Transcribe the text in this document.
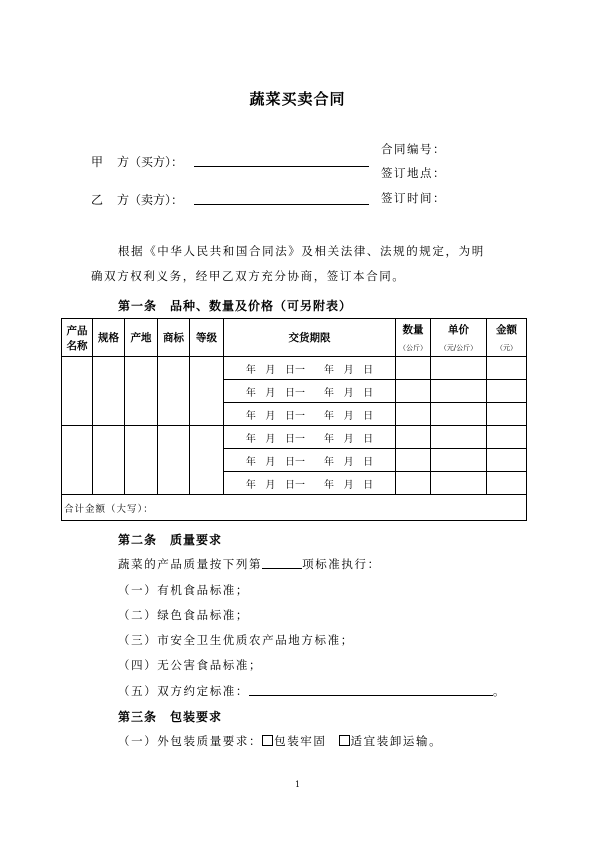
蔬菜买卖合同
甲 方（买方）：
乙 方（卖方）：
合同编号：
签订地点：
签订时间：
根据《中华人民共和国合同法》及相关法律、法规的规定，为明
确双方权利义务，经甲乙双方充分协商，签订本合同。
第一条　品种、数量及价格（可另附表）
产品
名称	规格	产地	商标	等级	交货期限	数量	单价	金额
						（公斤）	（元/公斤）	（元）
					年 月 日一 年 月 日			
					年 月 日一 年 月 日			
					年 月 日一 年 月 日			
					年 月 日一 年 月 日			
					年 月 日一 年 月 日			
					年 月 日一 年 月 日			
合计金额（大写）：								
第二条　质量要求
蔬菜的产品质量按下列第	项标准执行：
（一）有机食品标准；
（二）绿色食品标准；
（三）市安全卫生优质农产品地方标准；
（四）无公害食品标准；
（五）双方约定标准：	。
第三条　包装要求
（一）外包装质量要求： 包装牢固 适宜装卸运输。
1
